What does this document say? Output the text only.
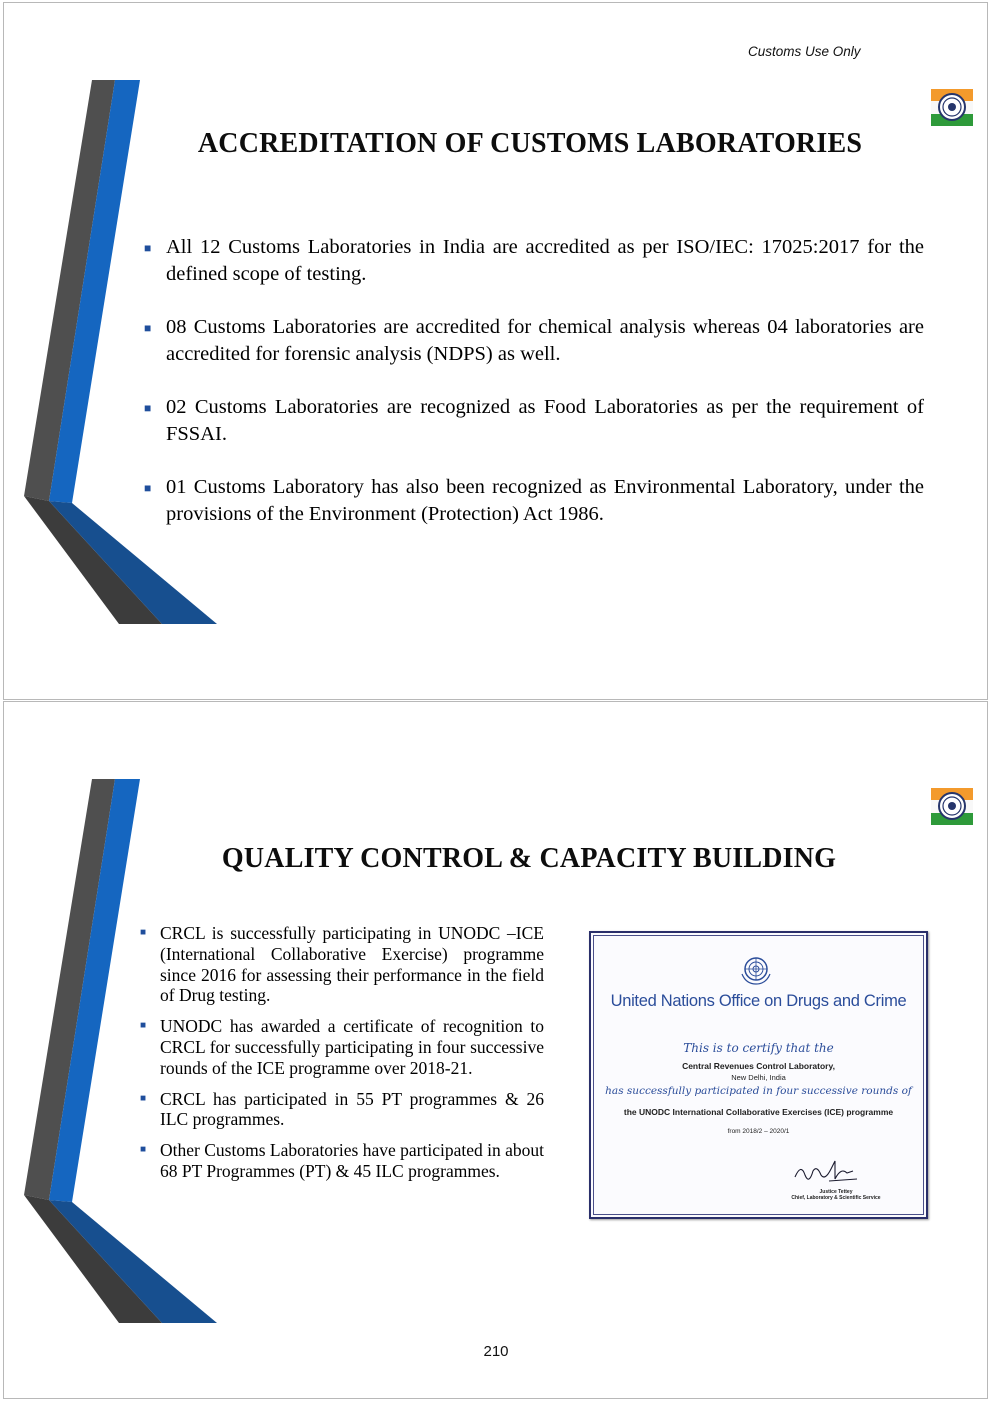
Customs Use Only
ACCREDITATION OF CUSTOMS LABORATORIES
■ All 12 Customs Laboratories in India are accredited as per ISO/IEC: 17025:2017 for the defined scope of testing.
■ 08 Customs Laboratories are accredited for chemical analysis whereas 04 laboratories are accredited for forensic analysis (NDPS) as well.
■ 02 Customs Laboratories are recognized as Food Laboratories as per the requirement of FSSAI.
■ 01 Customs Laboratory has also been recognized as Environmental Laboratory, under the provisions of the Environment (Protection) Act 1986.
QUALITY CONTROL & CAPACITY BUILDING
■ CRCL is successfully participating in UNODC –ICE (International Collaborative Exercise) programme since 2016 for assessing their performance in the field of Drug testing.
■ UNODC has awarded a certificate of recognition to CRCL for successfully participating in four successive rounds of the ICE programme over 2018-21.
■ CRCL has participated in 55 PT programmes & 26 ILC programmes.
■ Other Customs Laboratories have participated in about 68 PT Programmes (PT) & 45 ILC programmes.
United Nations Office on Drugs and Crime
This is to certify that the
Central Revenues Control Laboratory,
New Delhi, India
has successfully participated in four successive rounds of
the UNODC International Collaborative Exercises (ICE) programme
from 2018/2 – 2020/1
Justice Tettey
Chief, Laboratory & Scientific Service
210
